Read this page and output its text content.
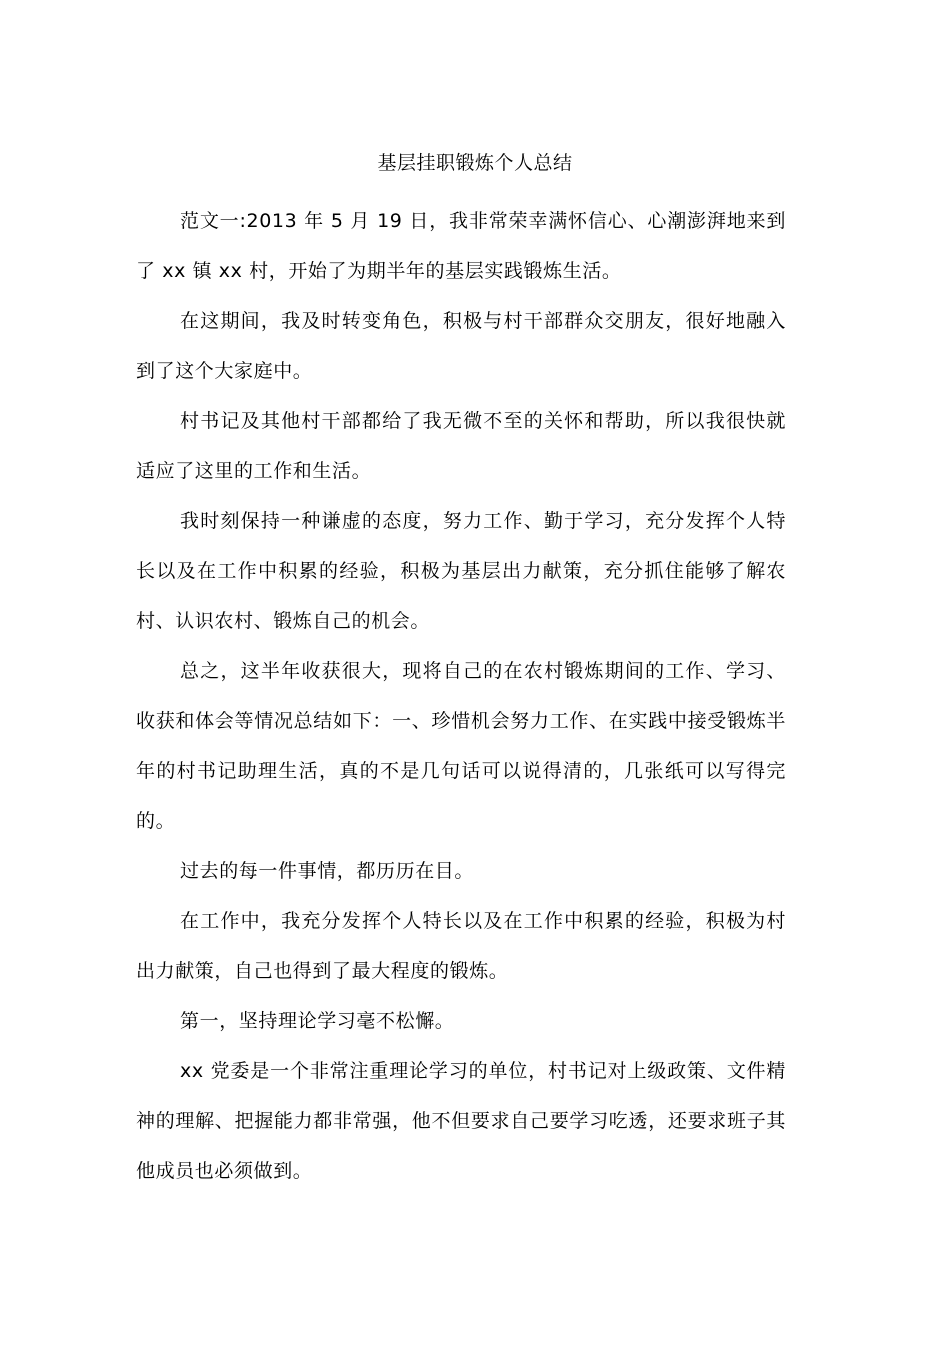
基层挂职锻炼个人总结

范文一:2013 年 5 月 19 日，我非常荣幸满怀信心、心潮澎湃地来到了 xx 镇 xx 村，开始了为期半年的基层实践锻炼生活。

在这期间，我及时转变角色，积极与村干部群众交朋友，很好地融入到了这个大家庭中。

村书记及其他村干部都给了我无微不至的关怀和帮助，所以我很快就适应了这里的工作和生活。

我时刻保持一种谦虚的态度，努力工作、勤于学习，充分发挥个人特长以及在工作中积累的经验，积极为基层出力献策，充分抓住能够了解农村、认识农村、锻炼自己的机会。

总之，这半年收获很大，现将自己的在农村锻炼期间的工作、学习、收获和体会等情况总结如下：一、珍惜机会努力工作、在实践中接受锻炼半年的村书记助理生活，真的不是几句话可以说得清的，几张纸可以写得完的。

过去的每一件事情，都历历在目。

在工作中，我充分发挥个人特长以及在工作中积累的经验，积极为村出力献策，自己也得到了最大程度的锻炼。

第一，坚持理论学习毫不松懈。

xx 党委是一个非常注重理论学习的单位，村书记对上级政策、文件精神的理解、把握能力都非常强，他不但要求自己要学习吃透，还要求班子其他成员也必须做到。
